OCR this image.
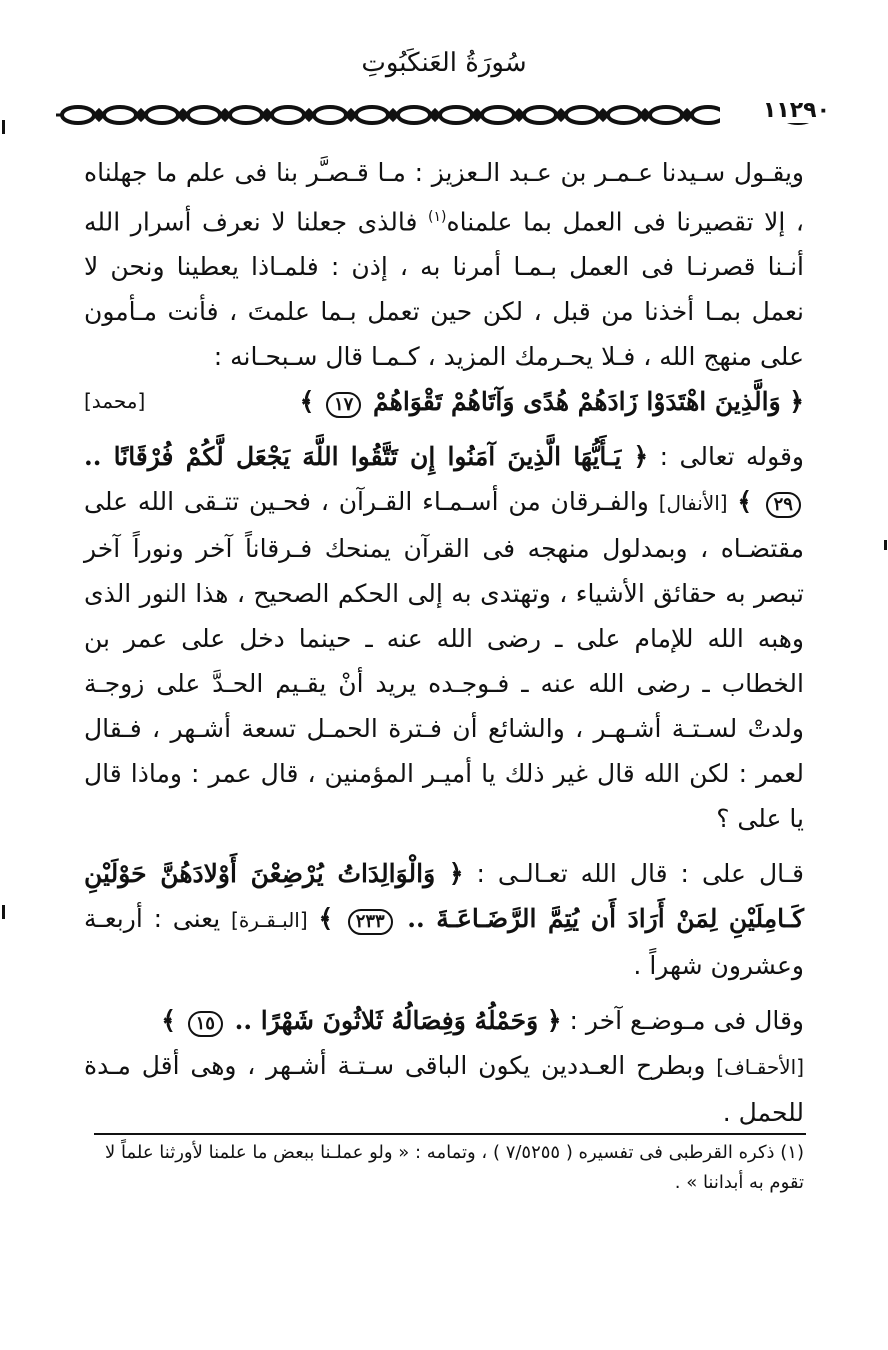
سُورَةُ العَنكَبُوتِ
١١٢٩٠

ويقـول سـيدنا عـمـر بن عـبد الـعزيز : مـا قـصـَّر بنا فى علم ما جهلناه ، إلا تقصيرنا فى العمل بما علمناه$^{(١)}$ فالذى جعلنا لا نعرف أسرار الله أنـنا قصرنـا فى العمل بـمـا أمرنا به ، إذن : فلمـاذا يعطينا ونحن لا نعمل بمـا أخذنا من قبل ، لكن حين تعمل بـما علمتَ ، فأنت مـأمون على منهج الله ، فـلا يحـرمك المزيد ، كـمـا قال سـبحـانه :
﴿ وَالَّذِينَ اهْتَدَوْا زَادَهُمْ هُدًى وَآتَاهُمْ تَقْوَاهُمْ ١٧ ﴾
[محمد]

وقوله تعالى : ﴿ يَـأَيُّهَا الَّذِينَ آمَنُوا إِن تَتَّقُوا اللَّهَ يَجْعَل لَّكُمْ فُرْقَانًا .. ٢٩ ﴾ [الأنفال] والفـرقان من أسـمـاء القـرآن ، فحـين تتـقى الله على مقتضـاه ، وبمدلول منهجه فى القرآن يمنحك فـرقاناً آخر ونوراً آخر تبصر به حقائق الأشياء ، وتهتدى به إلى الحكم الصحيح ، هذا النور الذى وهبه الله للإمام على ـ رضى الله عنه ـ حينما دخل على عمر بن الخطاب ـ رضى الله عنه ـ فـوجـده يريد أنْ يقـيم الحـدَّ على زوجـة ولدتْ لسـتـة أشـهـر ، والشائع أن فـترة الحمـل تسعة أشـهر ، فـقال لعمر : لكن الله قال غير ذلك يا أميـر المؤمنين ، قال عمر : وماذا قال يا على ؟

قـال على : قال الله تعـالـى : ﴿ وَالْوَالِدَاتُ يُرْضِعْنَ أَوْلادَهُنَّ حَوْلَيْنِ كَـامِلَيْنِ لِمَنْ أَرَادَ أَن يُتِمَّ الرَّضَـاعَـةَ .. ٢٣٣ ﴾ [البـقـرة] يعنى : أربعـة وعشرون شهراً .

وقال فى مـوضـع آخر : ﴿ وَحَمْلُهُ وَفِصَالُهُ ثَلاثُونَ شَهْرًا .. ١٥ ﴾
[الأحقـاف] وبطرح العـددين يكون الباقى سـتـة أشـهر ، وهى أقل مـدة للحمل .

(١) ذكره القرطبى فى تفسيره ( ٧/٥٢٥٥ ) ، وتمامه : « ولو عملـنا ببعض ما علمنا لأورثنا علماً لا تقوم به أبداننا » .
